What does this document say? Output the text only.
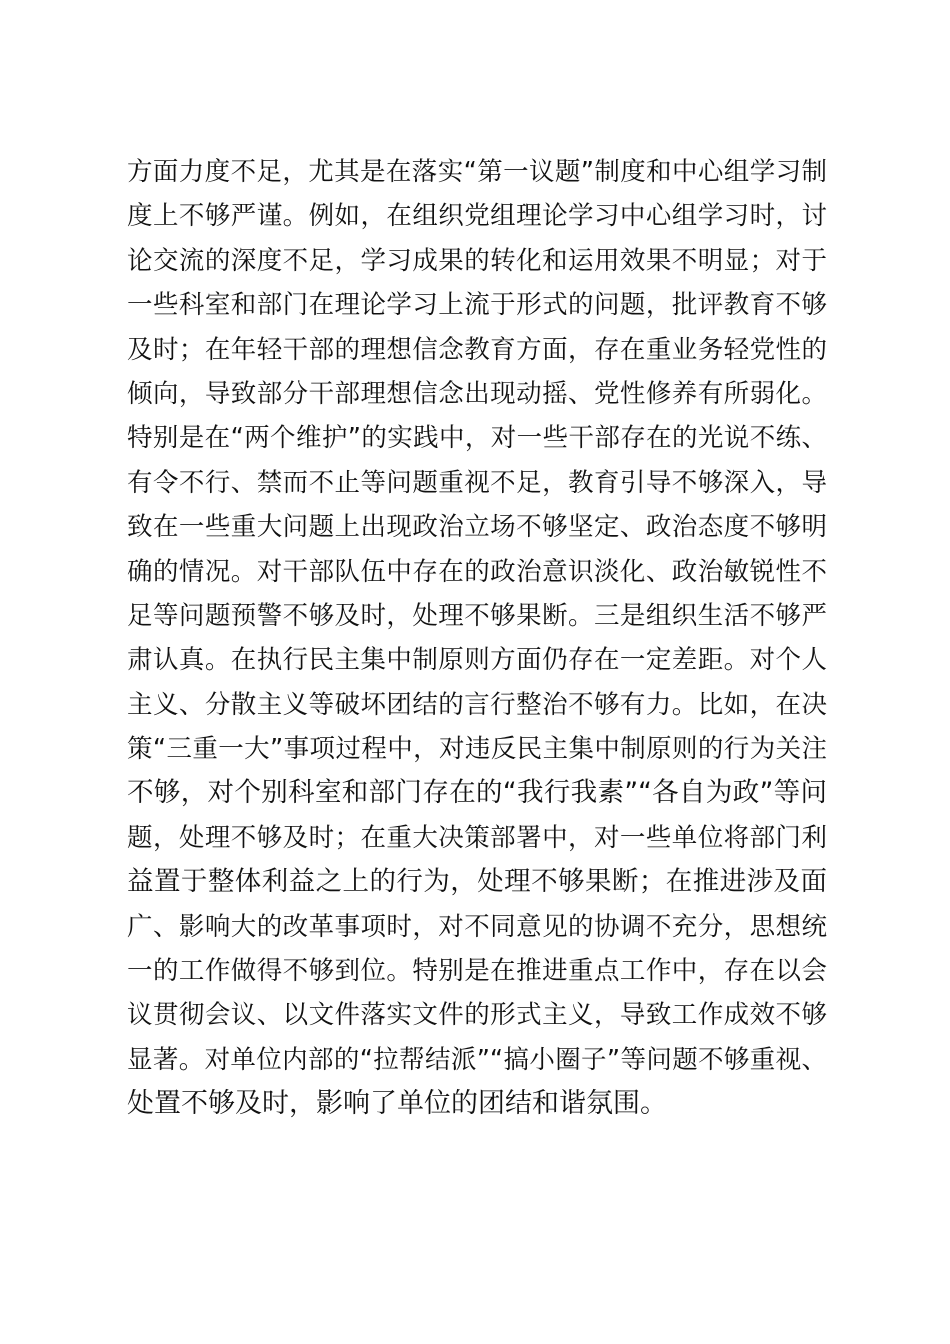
方面力度不足，尤其是在落实“第一议题”制度和中心组学习制
度上不够严谨。例如，在组织党组理论学习中心组学习时，讨
论交流的深度不足，学习成果的转化和运用效果不明显；对于
一些科室和部门在理论学习上流于形式的问题，批评教育不够
及时；在年轻干部的理想信念教育方面，存在重业务轻党性的
倾向，导致部分干部理想信念出现动摇、党性修养有所弱化。
特别是在“两个维护”的实践中，对一些干部存在的光说不练、
有令不行、禁而不止等问题重视不足，教育引导不够深入，导
致在一些重大问题上出现政治立场不够坚定、政治态度不够明
确的情况。对干部队伍中存在的政治意识淡化、政治敏锐性不
足等问题预警不够及时，处理不够果断。三是组织生活不够严
肃认真。在执行民主集中制原则方面仍存在一定差距。对个人
主义、分散主义等破坏团结的言行整治不够有力。比如，在决
策“三重一大”事项过程中，对违反民主集中制原则的行为关注
不够，对个别科室和部门存在的“我行我素”“各自为政”等问
题，处理不够及时；在重大决策部署中，对一些单位将部门利
益置于整体利益之上的行为，处理不够果断；在推进涉及面
广、影响大的改革事项时，对不同意见的协调不充分，思想统
一的工作做得不够到位。特别是在推进重点工作中，存在以会
议贯彻会议、以文件落实文件的形式主义，导致工作成效不够
显著。对单位内部的“拉帮结派”“搞小圈子”等问题不够重视、
处置不够及时，影响了单位的团结和谐氛围。
